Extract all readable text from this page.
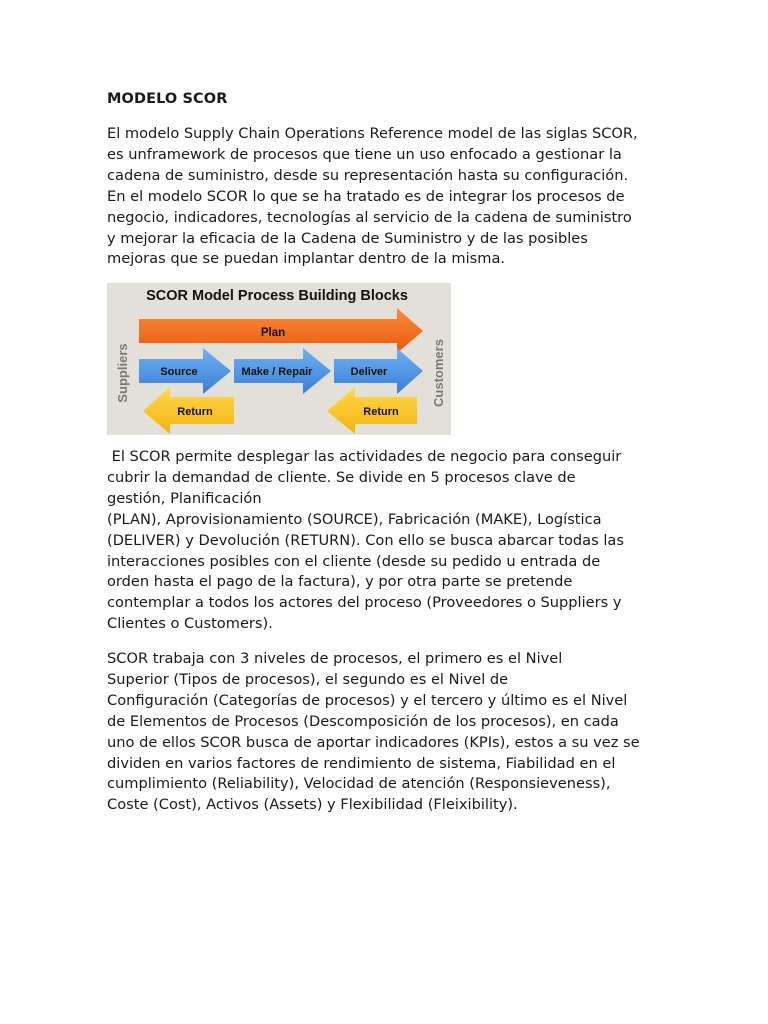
MODELO SCOR
El modelo Supply Chain Operations Reference model de las siglas SCOR,
es unframework de procesos que tiene un uso enfocado a gestionar la
cadena de suministro, desde su representación hasta su configuración.
En el modelo SCOR lo que se ha tratado es de integrar los procesos de
negocio, indicadores, tecnologías al servicio de la cadena de suministro
y mejorar la eficacia de la Cadena de Suministro y de las posibles
mejoras que se puedan implantar dentro de la misma.
SCOR Model Process Building Blocks
Suppliers	Customers
Plan
Source	Make / Repair	Deliver
Return	Return
El SCOR permite desplegar las actividades de negocio para conseguir
cubrir la demandad de cliente. Se divide en 5 procesos clave de
gestión, Planificación
(PLAN), Aprovisionamiento (SOURCE), Fabricación (MAKE), Logística
(DELIVER) y Devolución (RETURN). Con ello se busca abarcar todas las
interacciones posibles con el cliente (desde su pedido u entrada de
orden hasta el pago de la factura), y por otra parte se pretende
contemplar a todos los actores del proceso (Proveedores o Suppliers y
Clientes o Customers).
SCOR trabaja con 3 niveles de procesos, el primero es el Nivel
Superior (Tipos de procesos), el segundo es el Nivel de
Configuración (Categorías de procesos) y el tercero y último es el Nivel
de Elementos de Procesos (Descomposición de los procesos), en cada
uno de ellos SCOR busca de aportar indicadores (KPIs), estos a su vez se
dividen en varios factores de rendimiento de sistema, Fiabilidad en el
cumplimiento (Reliability), Velocidad de atención (Responsieveness),
Coste (Cost), Activos (Assets) y Flexibilidad (Fleixibility).
